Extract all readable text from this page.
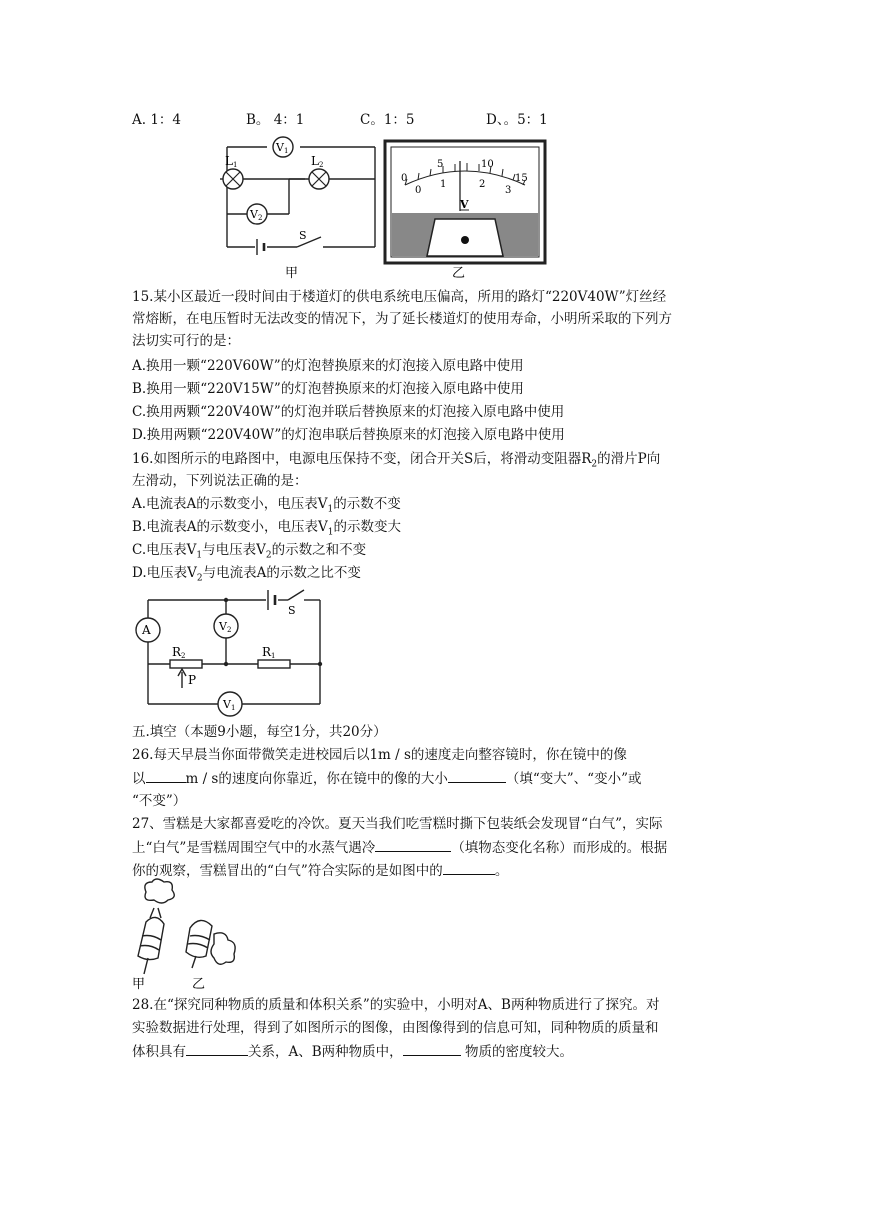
A. 1：4	B。 4：1	C。1：5	D、。5：1
V 1
L 1	L 2
V 2
S
0
5	10
15
0
1	2
3
V
甲	乙
15.某小区最近一段时间由于楼道灯的供电系统电压偏高，所用的路灯“220V40W”灯丝经
常熔断，在电压暂时无法改变的情况下，为了延长楼道灯的使用寿命，小明所采取的下列方
法切实可行的是：
A.换用一颗“220V60W”的灯泡替换原来的灯泡接入原电路中使用
B.换用一颗“220V15W”的灯泡替换原来的灯泡接入原电路中使用
C.换用两颗“220V40W”的灯泡并联后替换原来的灯泡接入原电路中使用
D.换用两颗“220V40W”的灯泡串联后替换原来的灯泡接入原电路中使用
16.如图所示的电路图中，电源电压保持不变，闭合开关S后，将滑动变阻器$R_2$的滑片P向
左滑动，下列说法正确的是：
A.电流表A的示数变小，电压表$V_1$的示数不变
B.电流表A的示数变小，电压表$V_1$的示数变大
C.电压表$V_1$与电压表$V_2$的示数之和不变
D.电压表$V_2$与电流表A的示数之比不变
A	V 2
V 1
R 2	R 1
P
S
五.填空（本题9小题，每空1分，共20分）
26.每天早晨当你面带微笑走进校园后以1m / s的速度走向整容镜时，你在镜中的像
以	m / s的速度向你靠近，你在镜中的像的大小	（填“变大”、“变小”或
“不变”）
27、雪糕是大家都喜爱吃的冷饮。夏天当我们吃雪糕时撕下包装纸会发现冒“白气”，实际
上“白气”是雪糕周围空气中的水蒸气遇冷	（填物态变化名称）而形成的。根据
你的观察，雪糕冒出的“白气”符合实际的是如图中的	。
甲	乙
28.在“探究同种物质的质量和体积关系”的实验中，小明对A、B两种物质进行了探究。对
实验数据进行处理，得到了如图所示的图像，由图像得到的信息可知，同种物质的质量和
体积具有	关系，A、B两种物质中，	物质的密度较大。
